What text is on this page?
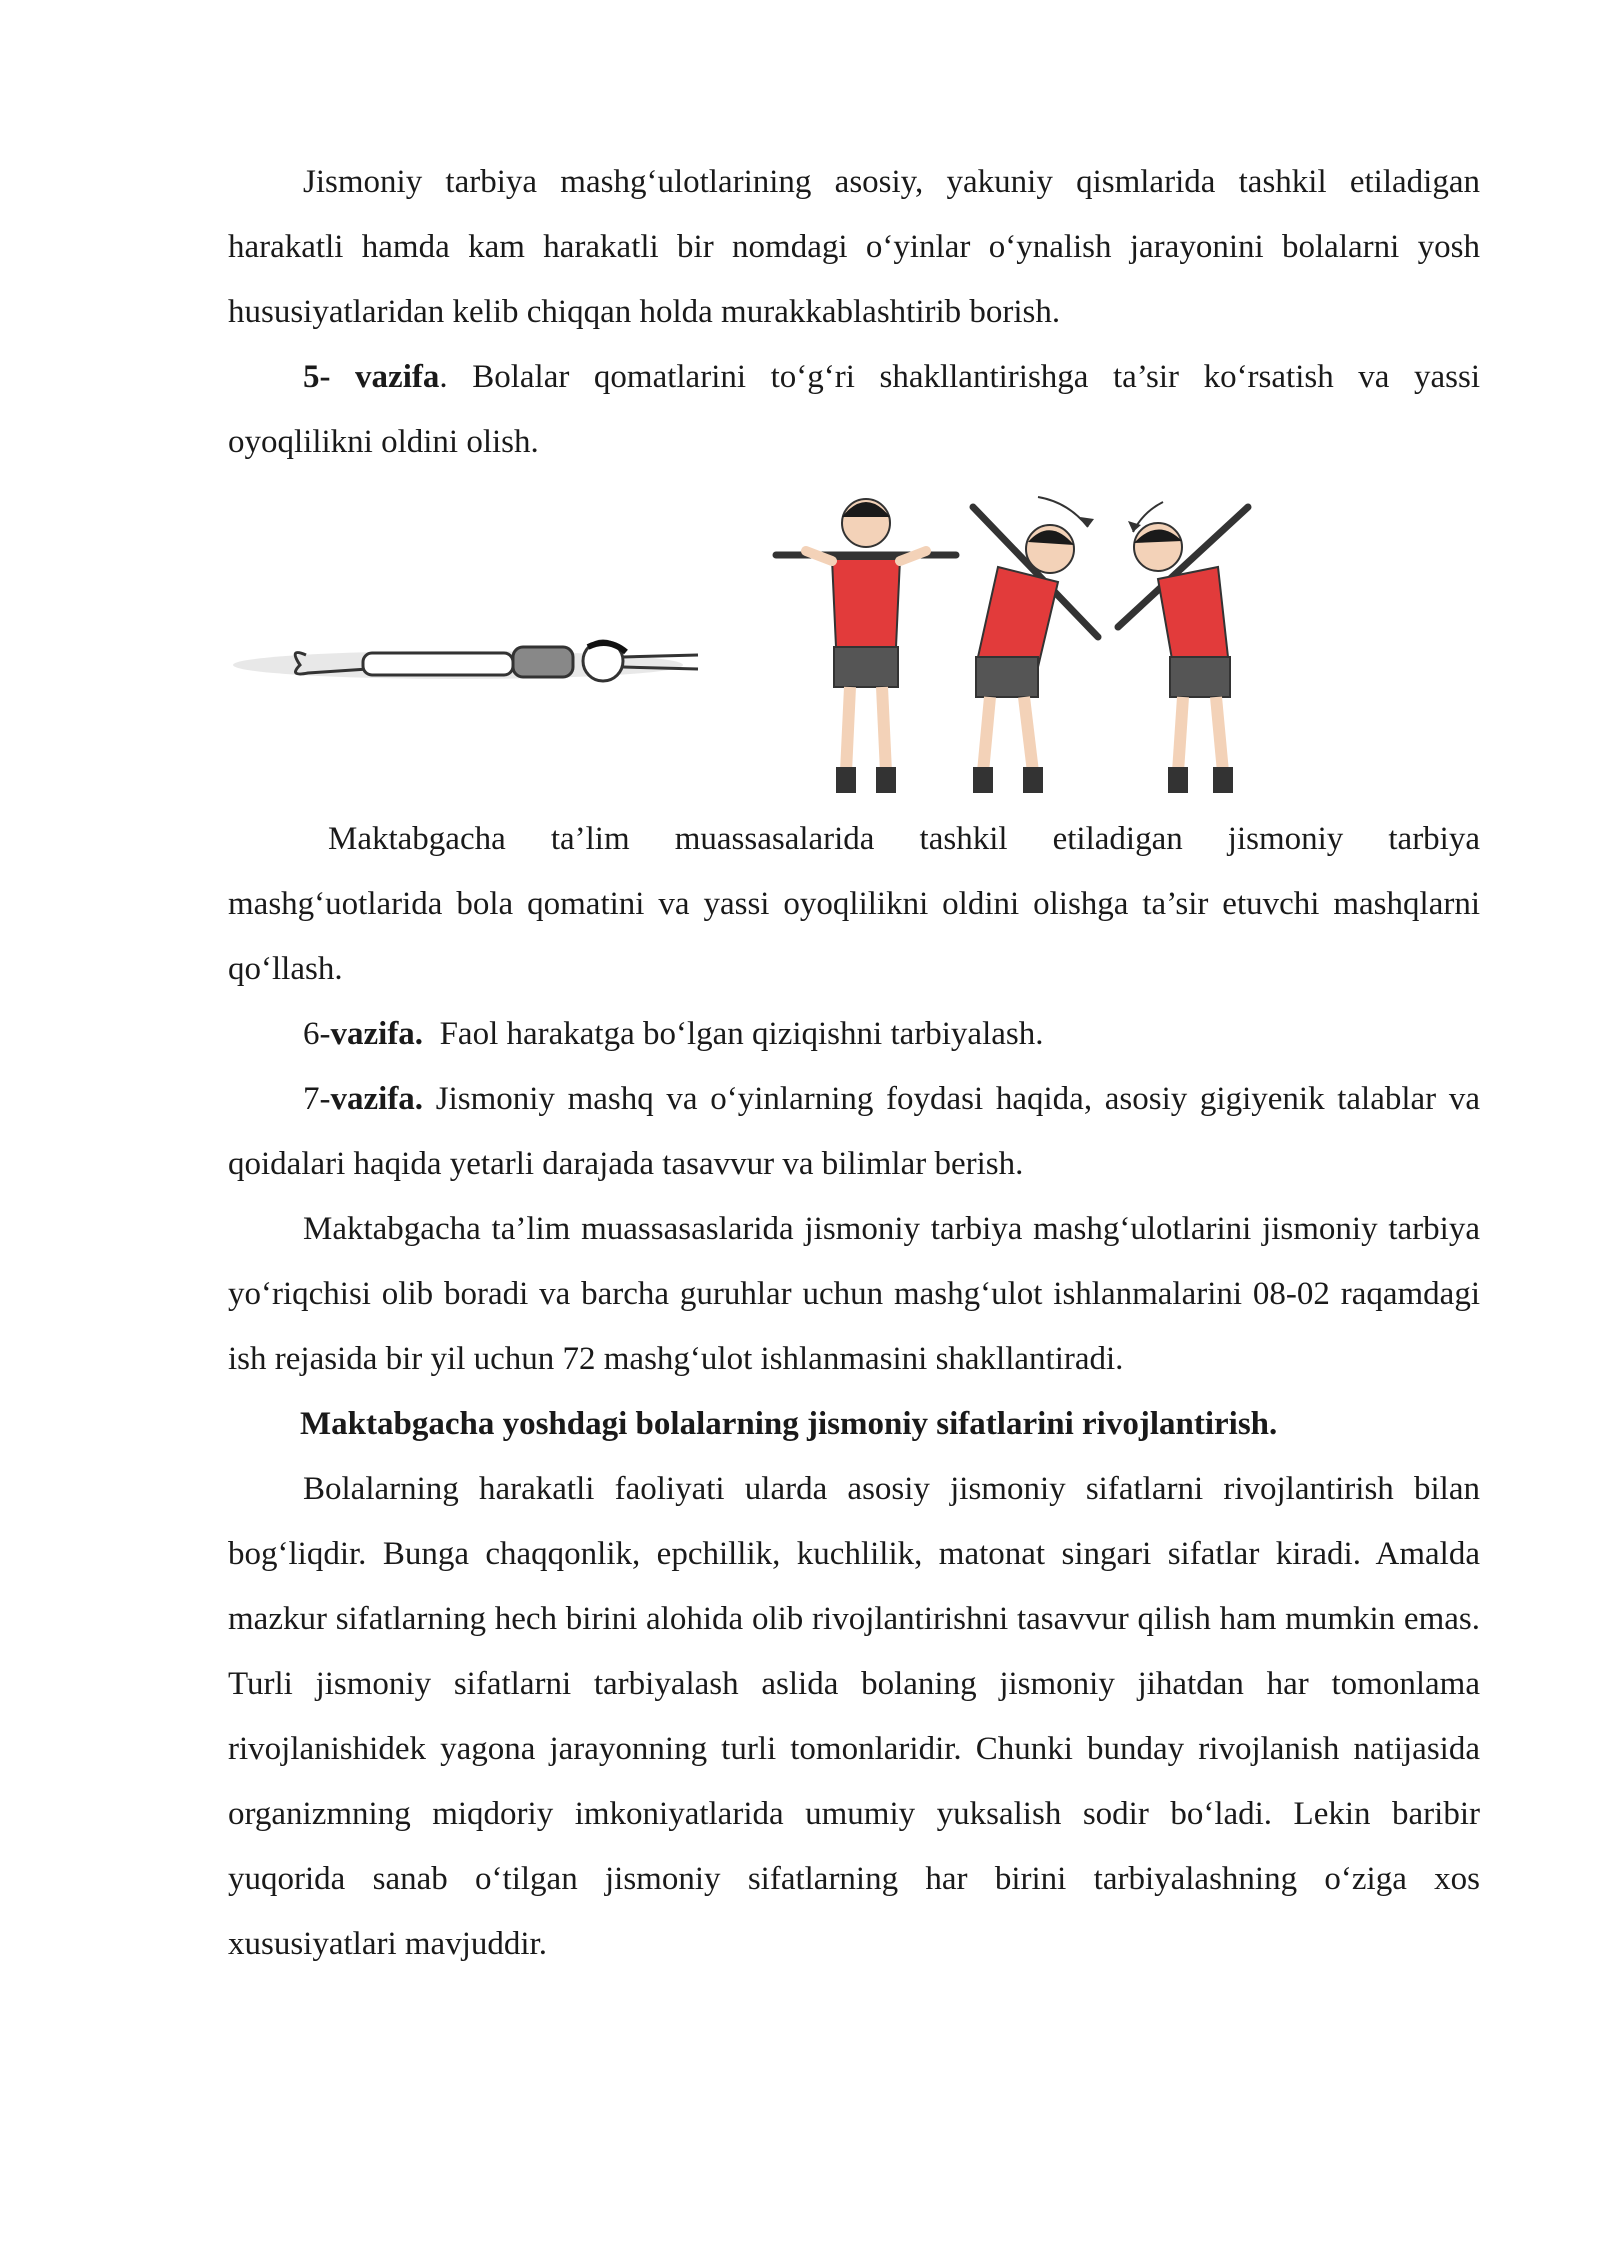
Jismoniy tarbiya mashg‘ulotlarining asosiy, yakuniy qismlarida tashkil etiladigan harakatli hamda kam harakatli bir nomdagi o‘yinlar o‘ynalish jarayonini bolalarni yosh hususiyatlaridan kelib chiqqan holda murakkablashtirib borish.

5- vazifa. Bolalar qomatlarini to‘g‘ri shakllantirishga ta’sir ko‘rsatish va yassi oyoqlilikni oldini olish.

Maktabgacha ta’lim muassasalarida tashkil etiladigan jismoniy tarbiya mashg‘uotlarida bola qomatini va yassi oyoqlilikni oldini olishga ta’sir etuvchi mashqlarni qo‘llash.

6-vazifa. Faol harakatga bo‘lgan qiziqishni tarbiyalash.

7-vazifa. Jismoniy mashq va o‘yinlarning foydasi haqida, asosiy gigiyenik talablar va qoidalari haqida yetarli darajada tasavvur va bilimlar berish.

Maktabgacha ta’lim muassasaslarida jismoniy tarbiya mashg‘ulotlarini jismoniy tarbiya yo‘riqchisi olib boradi va barcha guruhlar uchun mashg‘ulot ishlanmalarini 08-02 raqamdagi ish rejasida bir yil uchun 72 mashg‘ulot ishlanmasini shakllantiradi.

Maktabgacha yoshdagi bolalarning jismoniy sifatlarini rivojlantirish.

Bolalarning harakatli faoliyati ularda asosiy jismoniy sifatlarni rivojlantirish bilan bog‘liqdir. Bunga chaqqonlik, epchillik, kuchlilik, matonat singari sifatlar kiradi. Amalda mazkur sifatlarning hech birini alohida olib rivojlantirishni tasavvur qilish ham mumkin emas. Turli jismoniy sifatlarni tarbiyalash aslida bolaning jismoniy jihatdan har tomonlama rivojlanishidek yagona jarayonning turli tomonlaridir. Chunki bunday rivojlanish natijasida organizmning miqdoriy imkoniyatlarida umumiy yuksalish sodir bo‘ladi. Lekin baribir yuqorida sanab o‘tilgan jismoniy sifatlarning har birini tarbiyalashning o‘ziga xos xususiyatlari mavjuddir.
